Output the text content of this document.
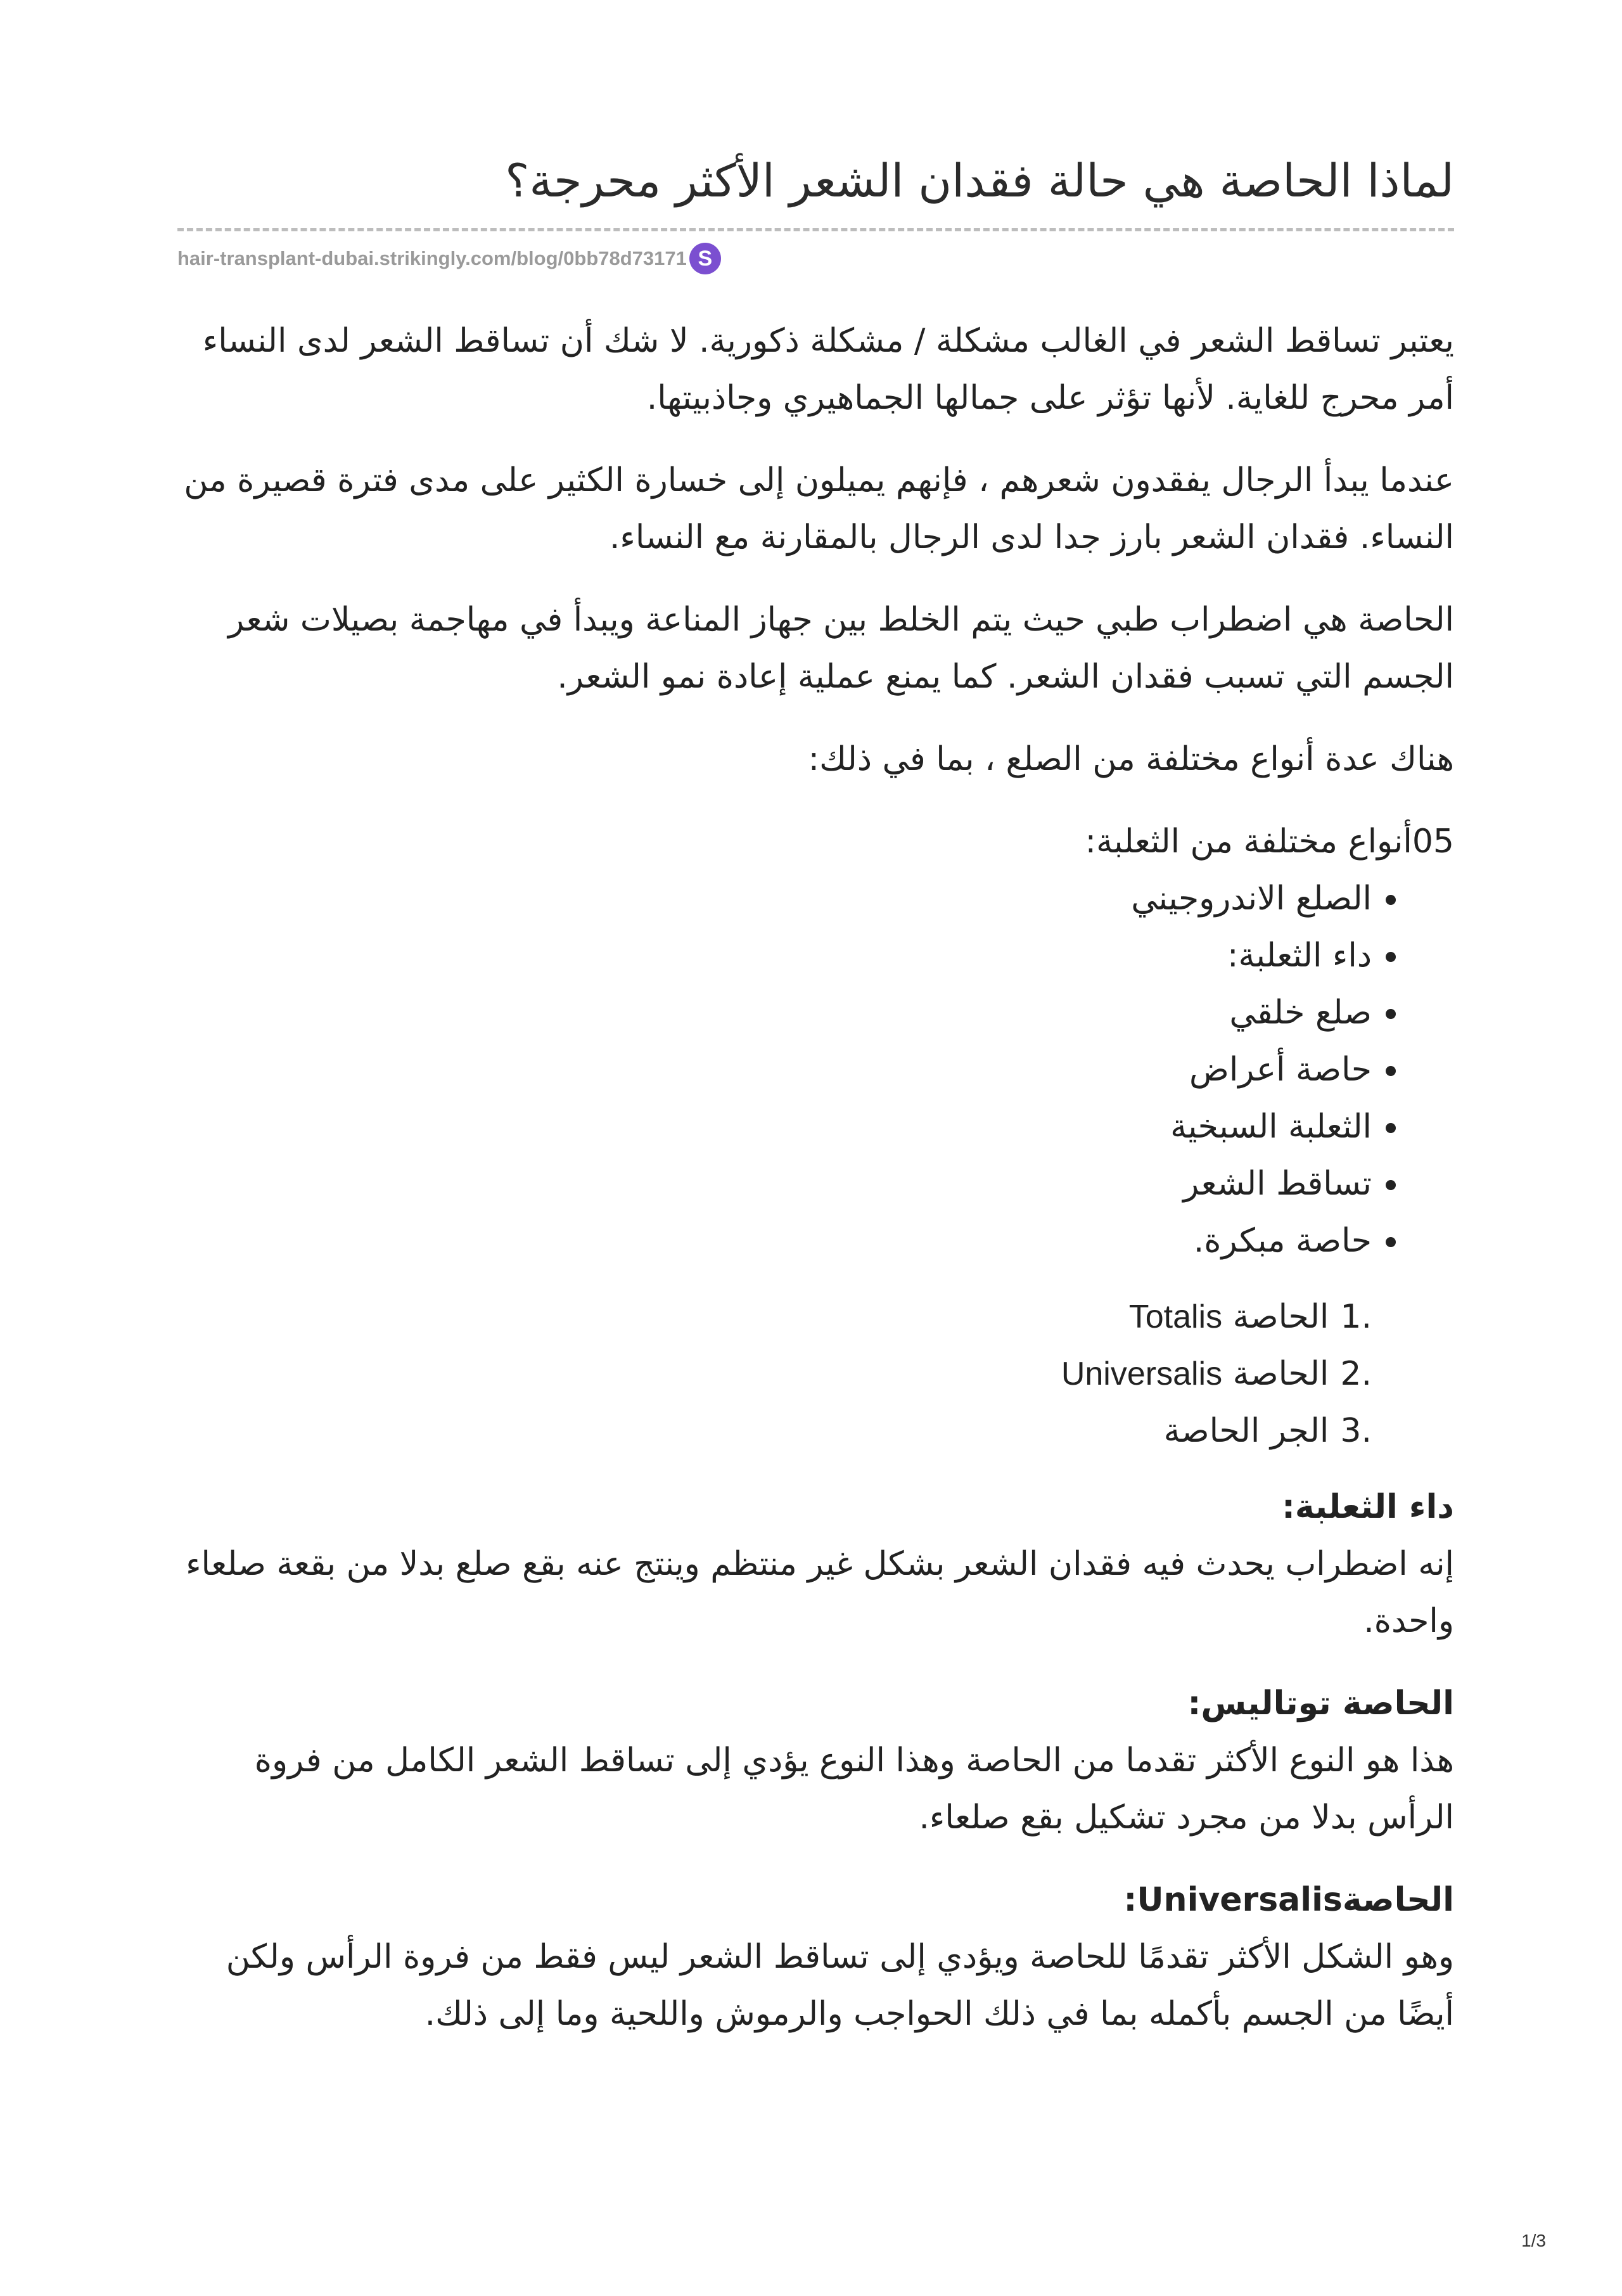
لماذا الحاصة هي حالة فقدان الشعر الأكثر محرجة؟
hair-transplant-dubai.strikingly.com/blog/0bb78d73171 S

يعتبر تساقط الشعر في الغالب مشكلة / مشكلة ذكورية. لا شك أن تساقط الشعر لدى النساء أمر محرج للغاية. لأنها تؤثر على جمالها الجماهيري وجاذبيتها.

عندما يبدأ الرجال يفقدون شعرهم ، فإنهم يميلون إلى خسارة الكثير على مدى فترة قصيرة من النساء. فقدان الشعر بارز جدا لدى الرجال بالمقارنة مع النساء.

الحاصة هي اضطراب طبي حيث يتم الخلط بين جهاز المناعة ويبدأ في مهاجمة بصيلات شعر الجسم التي تسبب فقدان الشعر. كما يمنع عملية إعادة نمو الشعر.

هناك عدة أنواع مختلفة من الصلع ، بما في ذلك:

05أنواع مختلفة من الثعلبة:

• الصلع الاندروجيني
• داء الثعلبة:
• صلع خلقي
• حاصة أعراض
• الثعلبة السبخية
• تساقط الشعر
• حاصة مبكرة.
1.الحاصة Totalis
2.الحاصة Universalis
3.الجر الحاصة
داء الثعلبة:

إنه اضطراب يحدث فيه فقدان الشعر بشكل غير منتظم وينتج عنه بقع صلع بدلا من بقعة صلعاء واحدة.

الحاصة توتاليس:

هذا هو النوع الأكثر تقدما من الحاصة وهذا النوع يؤدي إلى تساقط الشعر الكامل من فروة الرأس بدلا من مجرد تشكيل بقع صلعاء.

الحاصةUniversalis:

وهو الشكل الأكثر تقدمًا للحاصة ويؤدي إلى تساقط الشعر ليس فقط من فروة الرأس ولكن أيضًا من الجسم بأكمله بما في ذلك الحواجب والرموش واللحية وما إلى ذلك.

1/3
